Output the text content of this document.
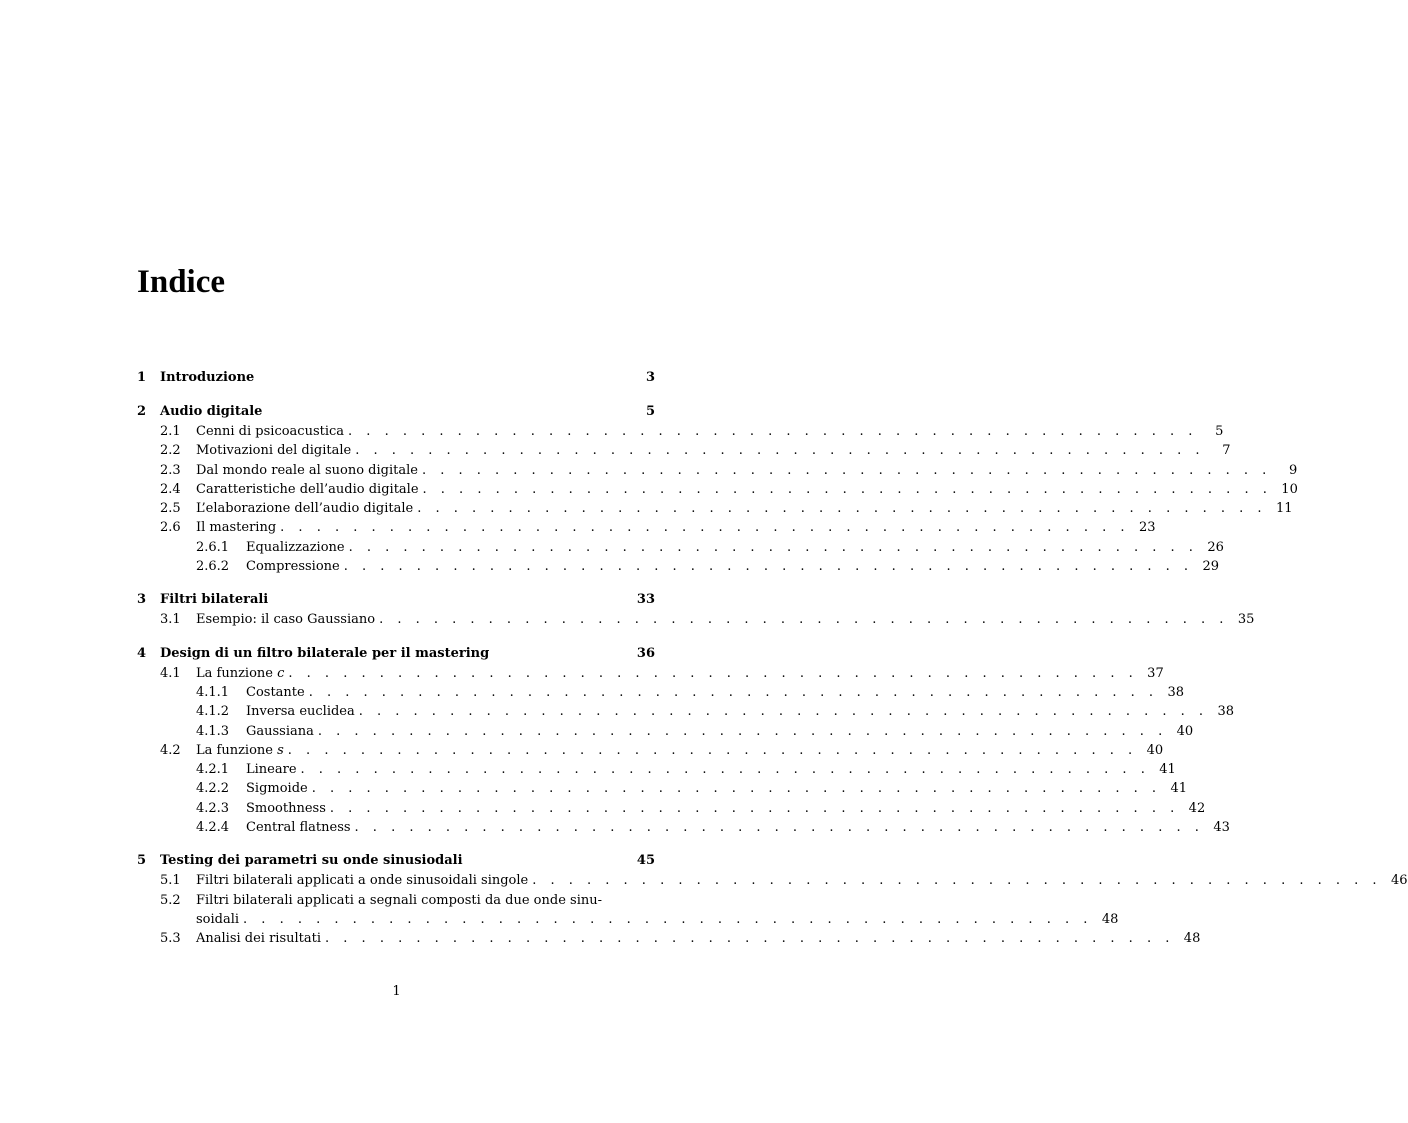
Indice
1	Introduzione	3
2	Audio digitale	5
2.1	Cenni di psicoacustica . . . . . . . . . . . . . . . . . . . . . . . . . . . . . . . . . . . . . . . . . . . . . . .	5
2.2	Motivazioni del digitale . . . . . . . . . . . . . . . . . . . . . . . . . . . . . . . . . . . . . . . . . . . . . . .	7
2.3	Dal mondo reale al suono digitale . . . . . . . . . . . . . . . . . . . . . . . . . . . . . . . . . . . . . . . . . . . . . . .	9
2.4	Caratteristiche dell’audio digitale . . . . . . . . . . . . . . . . . . . . . . . . . . . . . . . . . . . . . . . . . . . . . . . 10
2.5	L’elaborazione dell’audio digitale . . . . . . . . . . . . . . . . . . . . . . . . . . . . . . . . . . . . . . . . . . . . . . . 11
2.6	Il mastering . . . . . . . . . . . . . . . . . . . . . . . . . . . . . . . . . . . . . . . . . . . . . . . 23
2.6.1	Equalizzazione . . . . . . . . . . . . . . . . . . . . . . . . . . . . . . . . . . . . . . . . . . . . . . . 26
2.6.2	Compressione . . . . . . . . . . . . . . . . . . . . . . . . . . . . . . . . . . . . . . . . . . . . . . . 29
3	Filtri bilaterali	33
3.1	Esempio: il caso Gaussiano . . . . . . . . . . . . . . . . . . . . . . . . . . . . . . . . . . . . . . . . . . . . . . . 35
4	Design di un filtro bilaterale per il mastering	36
4.1	La funzione c . . . . . . . . . . . . . . . . . . . . . . . . . . . . . . . . . . . . . . . . . . . . . . . 37
4.1.1	Costante . . . . . . . . . . . . . . . . . . . . . . . . . . . . . . . . . . . . . . . . . . . . . . . 38
4.1.2	Inversa euclidea . . . . . . . . . . . . . . . . . . . . . . . . . . . . . . . . . . . . . . . . . . . . . . . 38
4.1.3	Gaussiana . . . . . . . . . . . . . . . . . . . . . . . . . . . . . . . . . . . . . . . . . . . . . . . 40
4.2	La funzione s . . . . . . . . . . . . . . . . . . . . . . . . . . . . . . . . . . . . . . . . . . . . . . . 40
4.2.1	Lineare . . . . . . . . . . . . . . . . . . . . . . . . . . . . . . . . . . . . . . . . . . . . . . . 41
4.2.2	Sigmoide . . . . . . . . . . . . . . . . . . . . . . . . . . . . . . . . . . . . . . . . . . . . . . . 41
4.2.3	Smoothness . . . . . . . . . . . . . . . . . . . . . . . . . . . . . . . . . . . . . . . . . . . . . . . 42
4.2.4	Central flatness . . . . . . . . . . . . . . . . . . . . . . . . . . . . . . . . . . . . . . . . . . . . . . . 43
5	Testing dei parametri su onde sinusiodali	45
5.1	Filtri bilaterali applicati a onde sinusoidali singole . . . . . . . . . . . . . . . . . . . . . . . . . . . . . . . . . . . . . . . . . . . . . . . 46
5.2	Filtri bilaterali applicati a segnali composti da due onde sinu-
soidali . . . . . . . . . . . . . . . . . . . . . . . . . . . . . . . . . . . . . . . . . . . . . . . 48
5.3	Analisi dei risultati . . . . . . . . . . . . . . . . . . . . . . . . . . . . . . . . . . . . . . . . . . . . . . . 48
1
